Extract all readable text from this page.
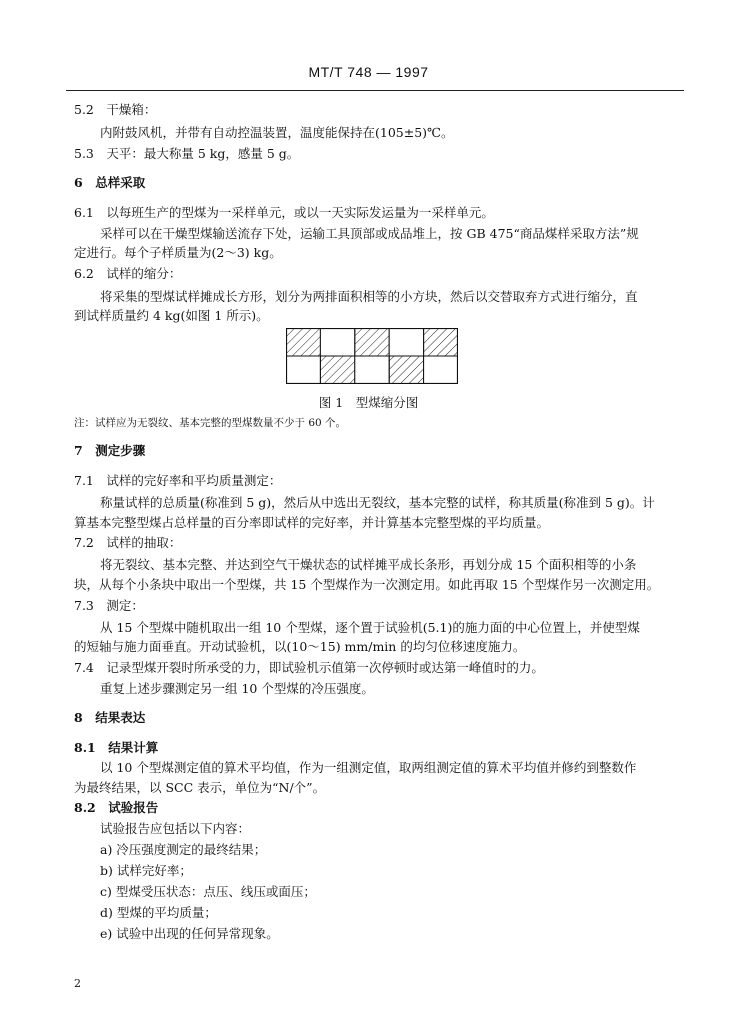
MT/T 748 — 1997
5.2　 干燥箱：
内附鼓风机，并带有自动控温装置，温度能保持在(105±5)℃。
5.3　 天平：最大称量 5 kg，感量 5 g。
6　 总样采取
6.1　 以每班生产的型煤为一采样单元，或以一天实际发运量为一采样单元。
采样可以在干燥型煤输送流存下处，运输工具顶部或成品堆上，按 GB 475“商品煤样采取方法”规
定进行。每个子样质量为(2～3) kg。
6.2　 试样的缩分：
将采集的型煤试样摊成长方形，划分为两排面积相等的小方块，然后以交替取弃方式进行缩分，直
到试样质量约 4 kg(如图 1 所示)。
图 1　型煤缩分图
注：试样应为无裂纹、基本完整的型煤数量不少于 60 个。
7　 测定步骤
7.1　 试样的完好率和平均质量测定：
称量试样的总质量(称准到 5 g)，然后从中选出无裂纹，基本完整的试样，称其质量(称准到 5 g)。计
算基本完整型煤占总样量的百分率即试样的完好率，并计算基本完整型煤的平均质量。
7.2　 试样的抽取：
将无裂纹、基本完整、并达到空气干燥状态的试样摊平成长条形，再划分成 15 个面积相等的小条
块，从每个小条块中取出一个型煤，共 15 个型煤作为一次测定用。如此再取 15 个型煤作另一次测定用。
7.3　 测定：
从 15 个型煤中随机取出一组 10 个型煤，逐个置于试验机(5.1)的施力面的中心位置上，并使型煤
的短轴与施力面垂直。开动试验机，以(10～15) mm/min 的均匀位移速度施力。
7.4　 记录型煤开裂时所承受的力，即试验机示值第一次停顿时或达第一峰值时的力。
重复上述步骤测定另一组 10 个型煤的冷压强度。
8　 结果表达
8.1　 结果计算
以 10 个型煤测定值的算术平均值，作为一组测定值，取两组测定值的算术平均值并修约到整数作
为最终结果，以 SCC 表示，单位为“N/个”。
8.2　 试验报告
试验报告应包括以下内容：
a) 冷压强度测定的最终结果；
b) 试样完好率；
c) 型煤受压状态：点压、线压或面压；
d) 型煤的平均质量；
e) 试验中出现的任何异常现象。
2
